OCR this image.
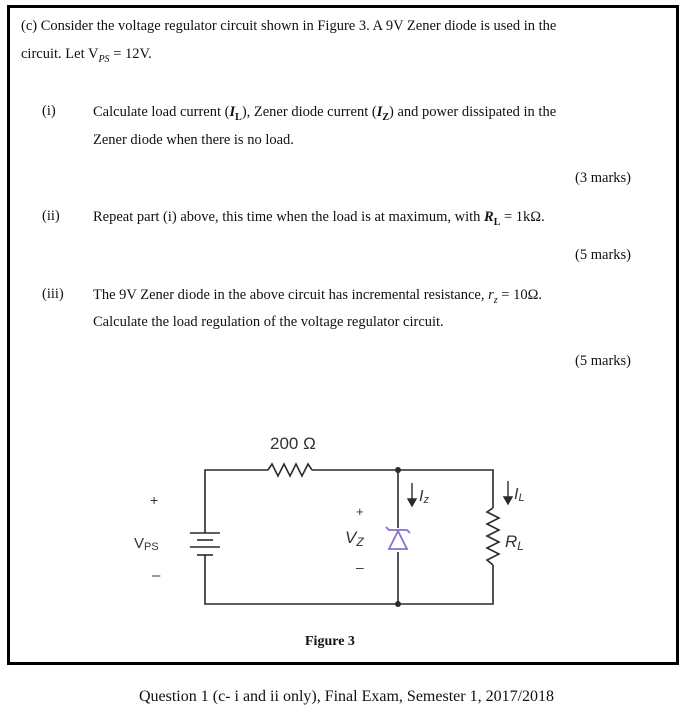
(c) Consider the voltage regulator circuit shown in Figure 3. A 9V Zener diode is used in the
circuit. Let $V_{PS} = 12V$.
(i)	Calculate load current $(I_L)$, Zener diode current $(I_Z)$ and power dissipated in the
Zener diode when there is no load.
(3 marks)
(ii) Repeat part (i) above, this time when the load is at maximum, with $R_L = 1k\Omega$.
(5 marks)
(iii) The 9V Zener diode in the above circuit has incremental resistance, $r_z = 10\Omega$.
Calculate the load regulation of the voltage regulator circuit.
(5 marks)
200 Ω
+
VPS
–
+
VZ
–
Iz	IL
RL
Figure 3
Question 1 (c- i and ii only), Final Exam, Semester 1, 2017/2018
